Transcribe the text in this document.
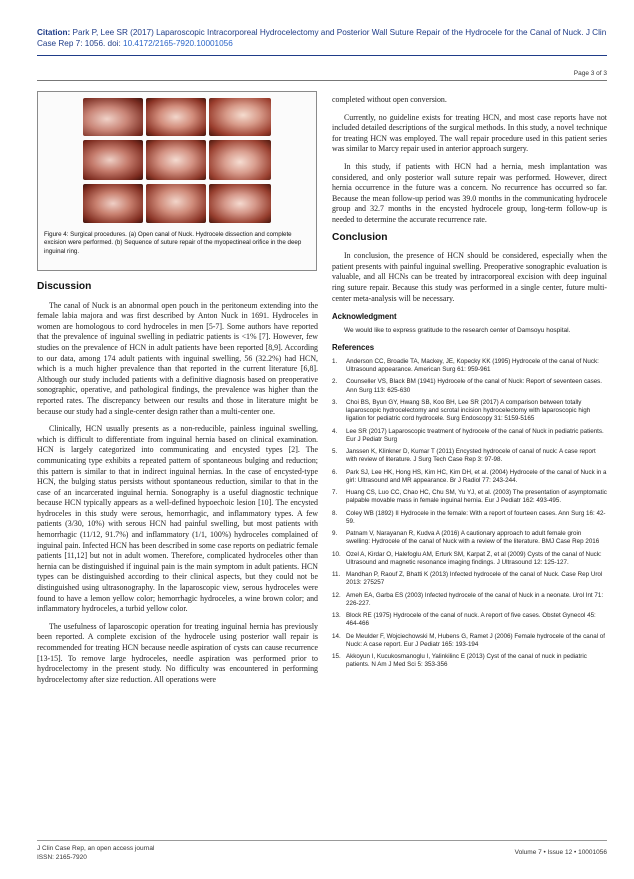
Citation: Park P, Lee SR (2017) Laparoscopic Intracorporeal Hydrocelectomy and Posterior Wall Suture Repair of the Hydrocele for the Canal of Nuck. J Clin Case Rep 7: 1056. doi: 10.4172/2165-7920.10001056
Page 3 of 3
Figure 4: Surgical procedures. (a) Open canal of Nuck. Hydrocele dissection and complete excision were performed. (b) Sequence of suture repair of the myopectineal orifice in the deep inguinal ring.
Discussion

The canal of Nuck is an abnormal open pouch in the peritoneum extending into the female labia majora and was first described by Anton Nuck in 1691. Hydroceles in women are homologous to cord hydroceles in men [5-7]. Some authors have reported that the prevalence of inguinal swelling in pediatric patients is <1% [7]. However, few studies on the prevalence of HCN in adult patients have been reported [8,9]. According to our data, among 174 adult patients with inguinal swelling, 56 (32.2%) had HCN, which is a much higher prevalence than that reported in the current literature [6,8]. Although our study included patients with a definitive diagnosis based on preoperative sonographic, operative, and pathological findings, the prevalence was higher than the reported rates. The discrepancy between our results and those in literature might be because our study had a single-center design rather than a multi-center one.

Clinically, HCN usually presents as a non-reducible, painless inguinal swelling, which is difficult to differentiate from inguinal hernia based on clinical examination. HCN is largely categorized into communicating and encysted types [2]. The communicating type exhibits a repeated pattern of spontaneous bulging and reduction; this pattern is similar to that in indirect inguinal hernias. In the case of encysted-type HCN, the bulging status persists without spontaneous reduction, similar to that in the case of an incarcerated inguinal hernia. Sonography is a useful diagnostic technique because HCN typically appears as a well-defined hypoechoic lesion [10]. The encysted hydroceles in this study were serous, hemorrhagic, and inflammatory types. A few patients (3/30, 10%) with serous HCN had painful swelling, but most patients with hemorrhagic (11/12, 91.7%) and inflammatory (1/1, 100%) hydroceles complained of inguinal pain. Infected HCN has been described in some case reports on pediatric female patients [11,12] but not in adult women. Therefore, complicated hydroceles other than hernia can be distinguished if inguinal pain is the main symptom in adult patients. HCN types can be distinguished according to their clinical aspects, but they could not be distinguished using ultrasonography. In the laparoscopic view, serous hydroceles were found to have a lemon yellow color; hemorrhagic hydroceles, a wine brown color; and inflammatory hydroceles, a turbid yellow color.

The usefulness of laparoscopic operation for treating inguinal hernia has previously been reported. A complete excision of the hydrocele using posterior wall repair is recommended for treating HCN because needle aspiration of cysts can cause recurrence [13-15]. To remove large hydroceles, needle aspiration was performed prior to hydrocelectomy in the present study. No difficulty was encountered in performing hydrocelectomy after size reduction. All operations were

completed without open conversion.

Currently, no guideline exists for treating HCN, and most case reports have not included detailed descriptions of the surgical methods. In this study, a novel technique for treating HCN was employed. The wall repair procedure used in this patient series was similar to Marcy repair used in anterior approach surgery.

In this study, if patients with HCN had a hernia, mesh implantation was considered, and only posterior wall suture repair was performed. However, direct hernia occurrence in the future was a concern. No recurrence has occurred so far. Because the mean follow-up period was 39.0 months in the communicating hydrocele group and 32.7 months in the encysted hydrocele group, long-term follow-up is needed to determine the accurate recurrence rate.

Conclusion

In conclusion, the presence of HCN should be considered, especially when the patient presents with painful inguinal swelling. Preoperative sonographic evaluation is valuable, and all HCNs can be treated by intracorporeal excision with deep inguinal ring suture repair. Because this study was performed in a single center, future multi-center meta-analysis will be necessary.

Acknowledgment

We would like to express gratitude to the research center of Damsoyu hospital.

References
1. Anderson CC, Broadie TA, Mackey, JE, Kopecky KK (1995) Hydrocele of the canal of Nuck: Ultrasound appearance. American Surg 61: 959-961
2. Counseller VS, Black BM (1941) Hydrocele of the canal of Nuck: Report of seventeen cases. Ann Surg 113: 625-630
3. Choi BS, Byun GY, Hwang SB, Koo BH, Lee SR (2017) A comparison between totally laparoscopic hydrocelectomy and scrotal incision hydrocelectomy with laparoscopic high ligation for pediatric cord hydrocele. Surg Endoscopy 31: 5159-5165
4. Lee SR (2017) Laparoscopic treatment of hydrocele of the canal of Nuck in pediatric patients. Eur J Pediatr Surg
5. Janssen K, Klinkner D, Kumar T (2011) Encysted hydrocele of canal of nuck: A case report with review of literature. J Surg Tech Case Rep 3: 97-98.
6. Park SJ, Lee HK, Hong HS, Kim HC, Kim DH, et al. (2004) Hydrocele of the canal of Nuck in a girl: Ultrasound and MR appearance. Br J Radiol 77: 243-244.
7. Huang CS, Luo CC, Chao HC, Chu SM, Yu YJ, et al. (2003) The presentation of asymptomatic palpable movable mass in female inguinal hernia. Eur J Pediatr 162: 493-495.
8. Coley WB (1892) II Hydrocele in the female: With a report of fourteen cases. Ann Surg 16: 42-59.
9. Patnam V, Narayanan R, Kudva A (2016) A cautionary approach to adult female groin swelling: Hydrocele of the canal of Nuck with a review of the literature. BMJ Case Rep 2016
10. Ozel A, Kirdar O, Halefoglu AM, Erturk SM, Karpat Z, et al (2009) Cysts of the canal of Nuck: Ultrasound and magnetic resonance imaging findings. J Ultrasound 12: 125-127.
11. Mandhan P, Raouf Z, Bhatti K (2013) Infected hydrocele of the canal of Nuck. Case Rep Urol 2013: 275257
12. Ameh EA, Garba ES (2003) Infected hydrocele of the canal of Nuck in a neonate. Urol Int 71: 226-227.
13. Block RE (1975) Hydrocele of the canal of nuck. A report of five cases. Obstet Gynecol 45: 464-466
14. De Meulder F, Wojciechowski M, Hubens G, Ramet J (2006) Female hydrocele of the canal of Nuck: A case report. Eur J Pediatr 165: 193-194
15. Akkoyun I, Kucukosmanoglu I, Yalinkilinc E (2013) Cyst of the canal of nuck in pediatric patients. N Am J Med Sci 5: 353-356
J Clin Case Rep, an open access journal
ISSN: 2165-7920
Volume 7 • Issue 12 • 10001056
